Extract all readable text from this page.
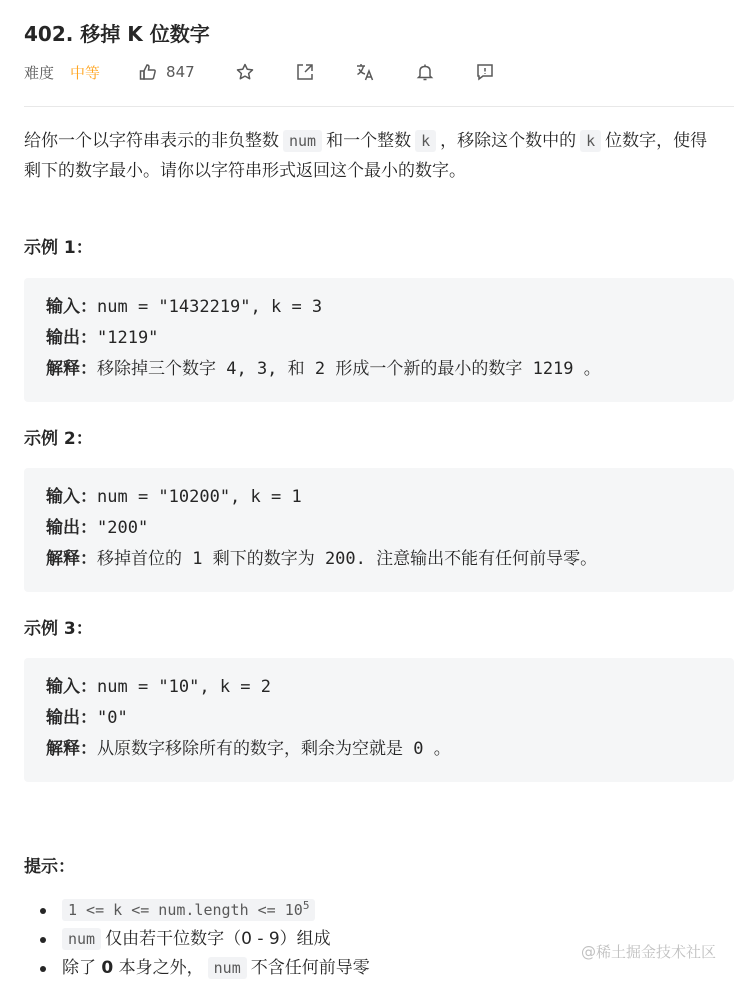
402. 移掉 K 位数字
难度 中等	847
给你一个以字符串表示的非负整数 num 和一个整数 k ，移除这个数中的 k 位数字，使得剩下的数字最小。请你以字符串形式返回这个最小的数字。
示例 1：
输入：num = "1432219", k = 3
输出："1219"
解释：移除掉三个数字 4, 3, 和 2 形成一个新的最小的数字 1219 。
示例 2：
输入：num = "10200", k = 1
输出："200"
解释：移掉首位的 1 剩下的数字为 200. 注意输出不能有任何前导零。
示例 3：
输入：num = "10", k = 2
输出："0"
解释：从原数字移除所有的数字，剩余为空就是 0 。
提示：
1 <= k <= num.length <= $10^5$
num 仅由若干位数字（0 - 9）组成
除了 0 本身之外， num 不含任何前导零
@稀土掘金技术社区
